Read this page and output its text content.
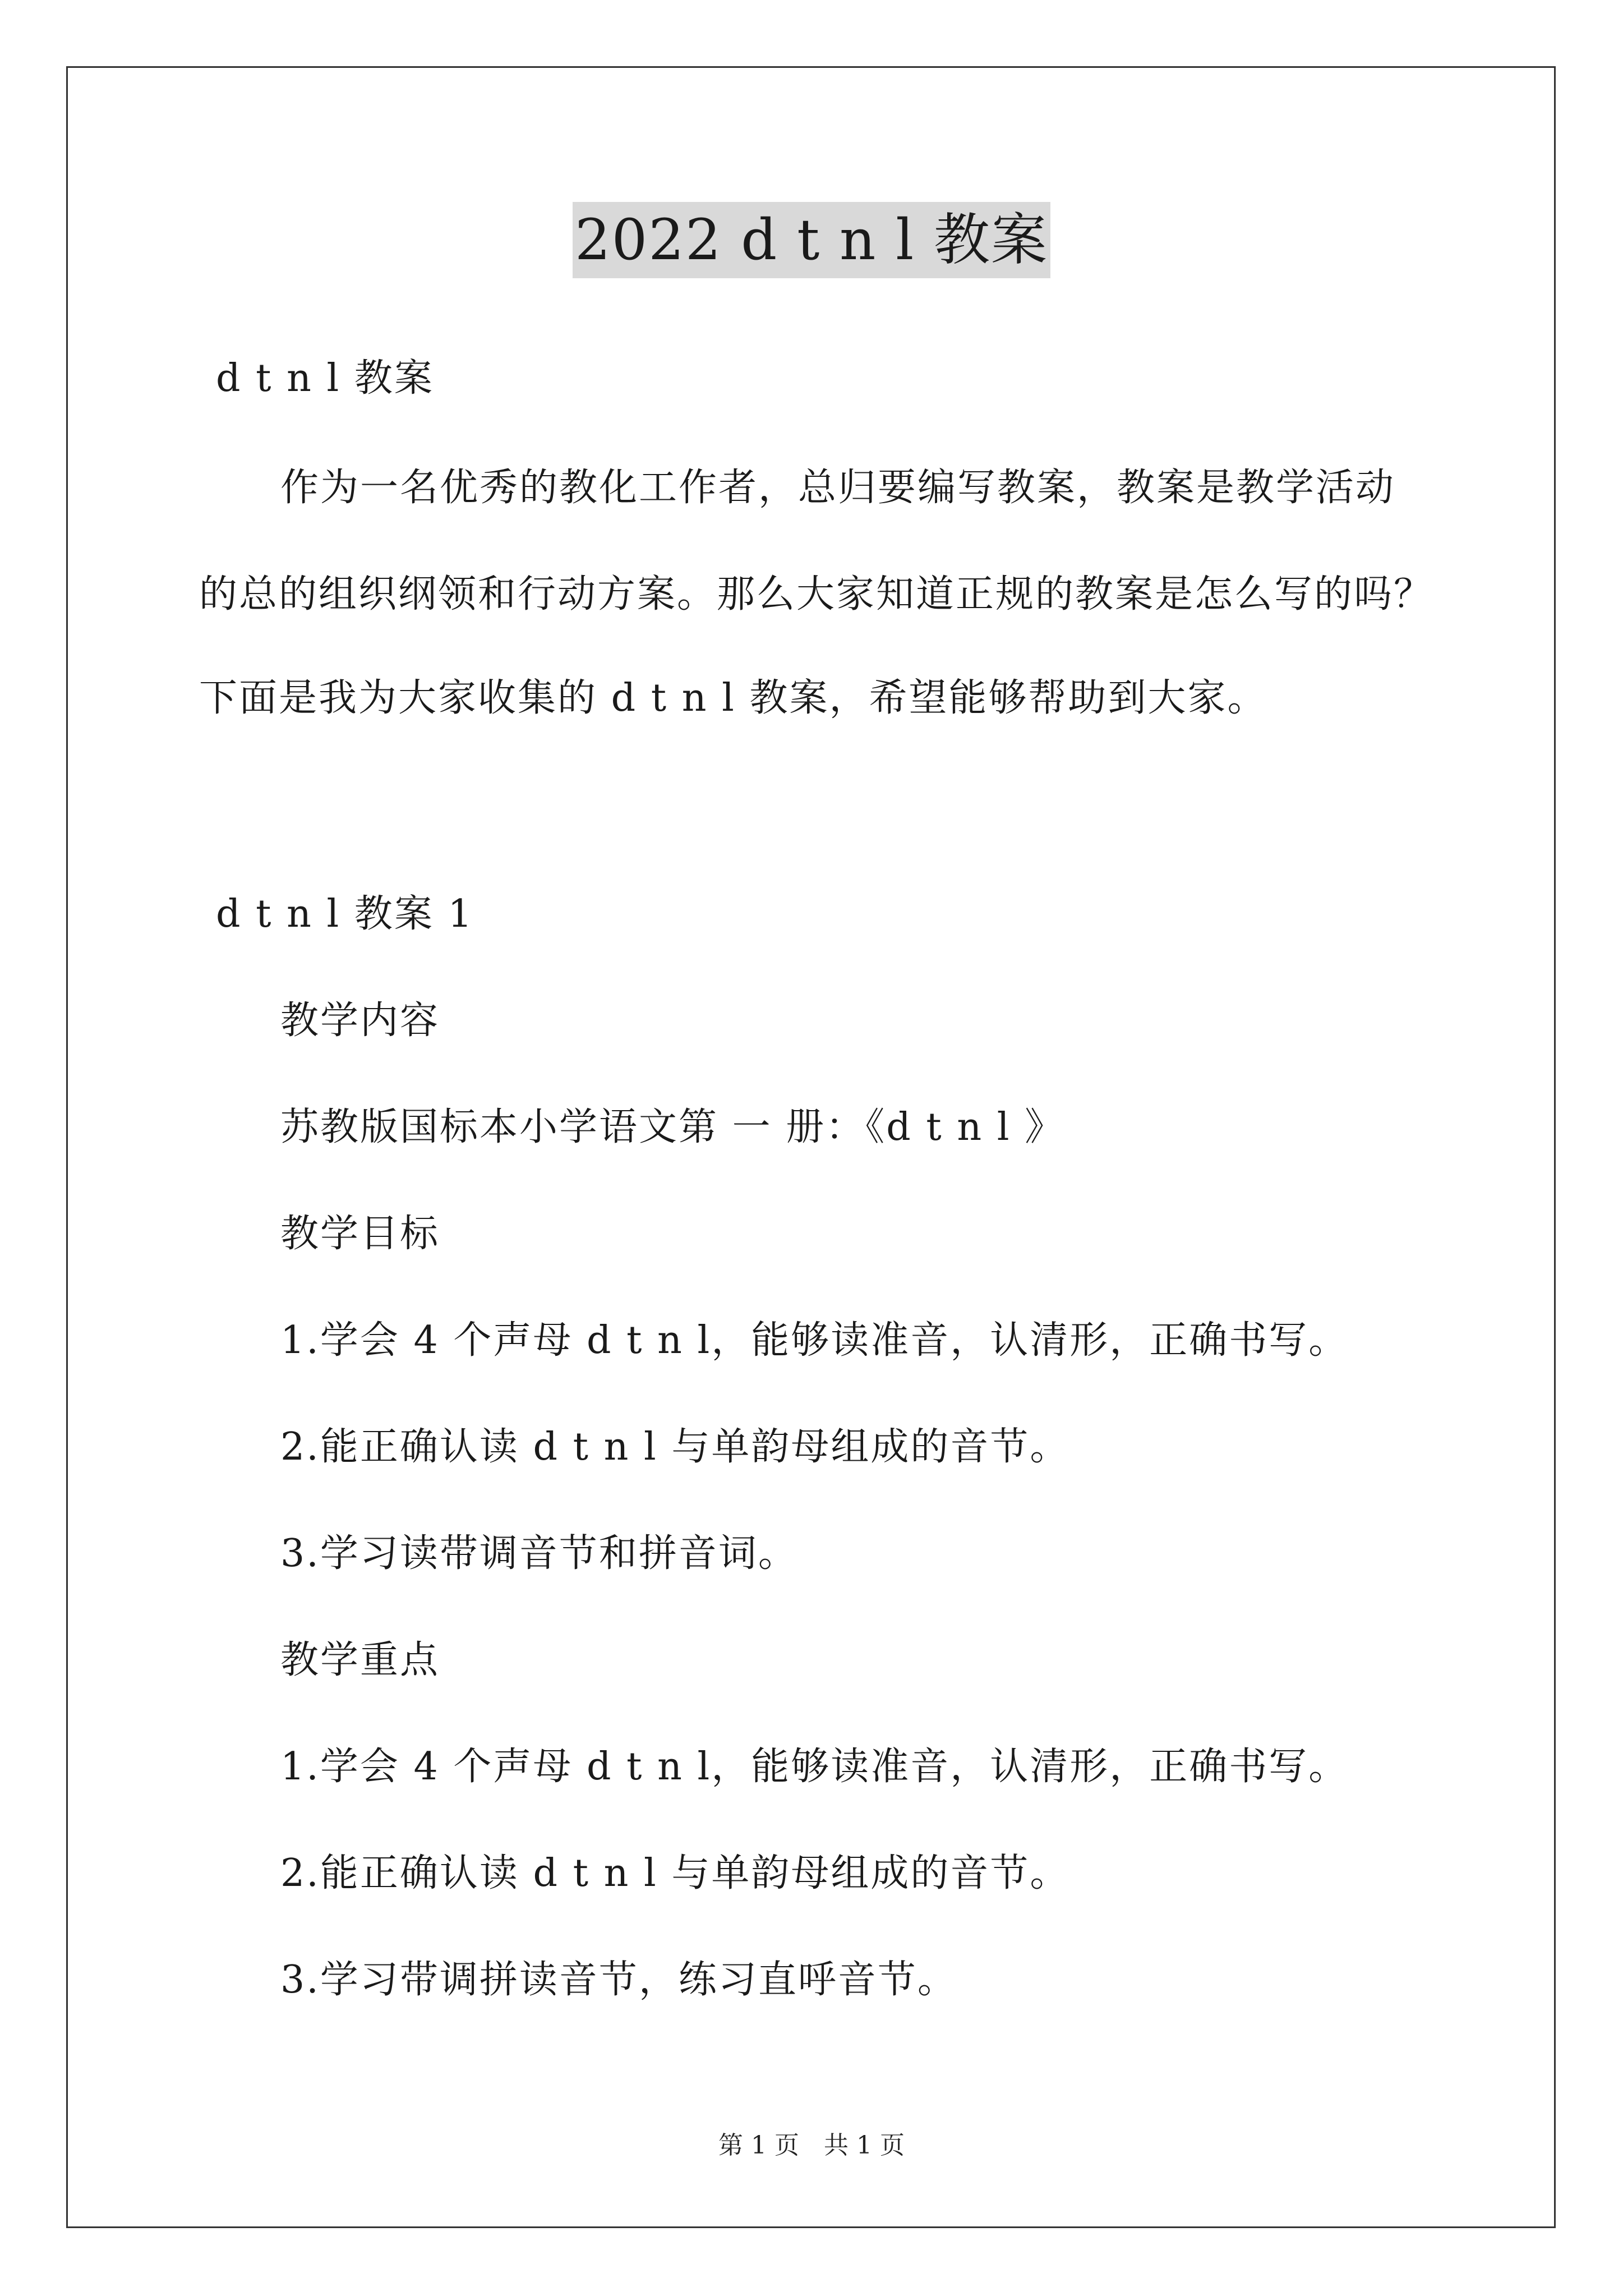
2022 d t n l 教案
d t n l 教案
作为一名优秀的教化工作者，总归要编写教案，教案是教学活动
的总的组织纲领和行动方案。那么大家知道正规的教案是怎么写的吗？
下面是我为大家收集的 d t n l 教案，希望能够帮助到大家。
d t n l 教案 1
教学内容
苏教版国标本小学语文第 一 册：《d t n l 》
教学目标
1.学会 4 个声母 d t n l，能够读准音，认清形，正确书写。
2.能正确认读 d t n l 与单韵母组成的音节。
3.学习读带调音节和拼音词。
教学重点
1.学会 4 个声母 d t n l，能够读准音，认清形，正确书写。
2.能正确认读 d t n l 与单韵母组成的音节。
3.学习带调拼读音节，练习直呼音节。
第 1 页　共 1 页
